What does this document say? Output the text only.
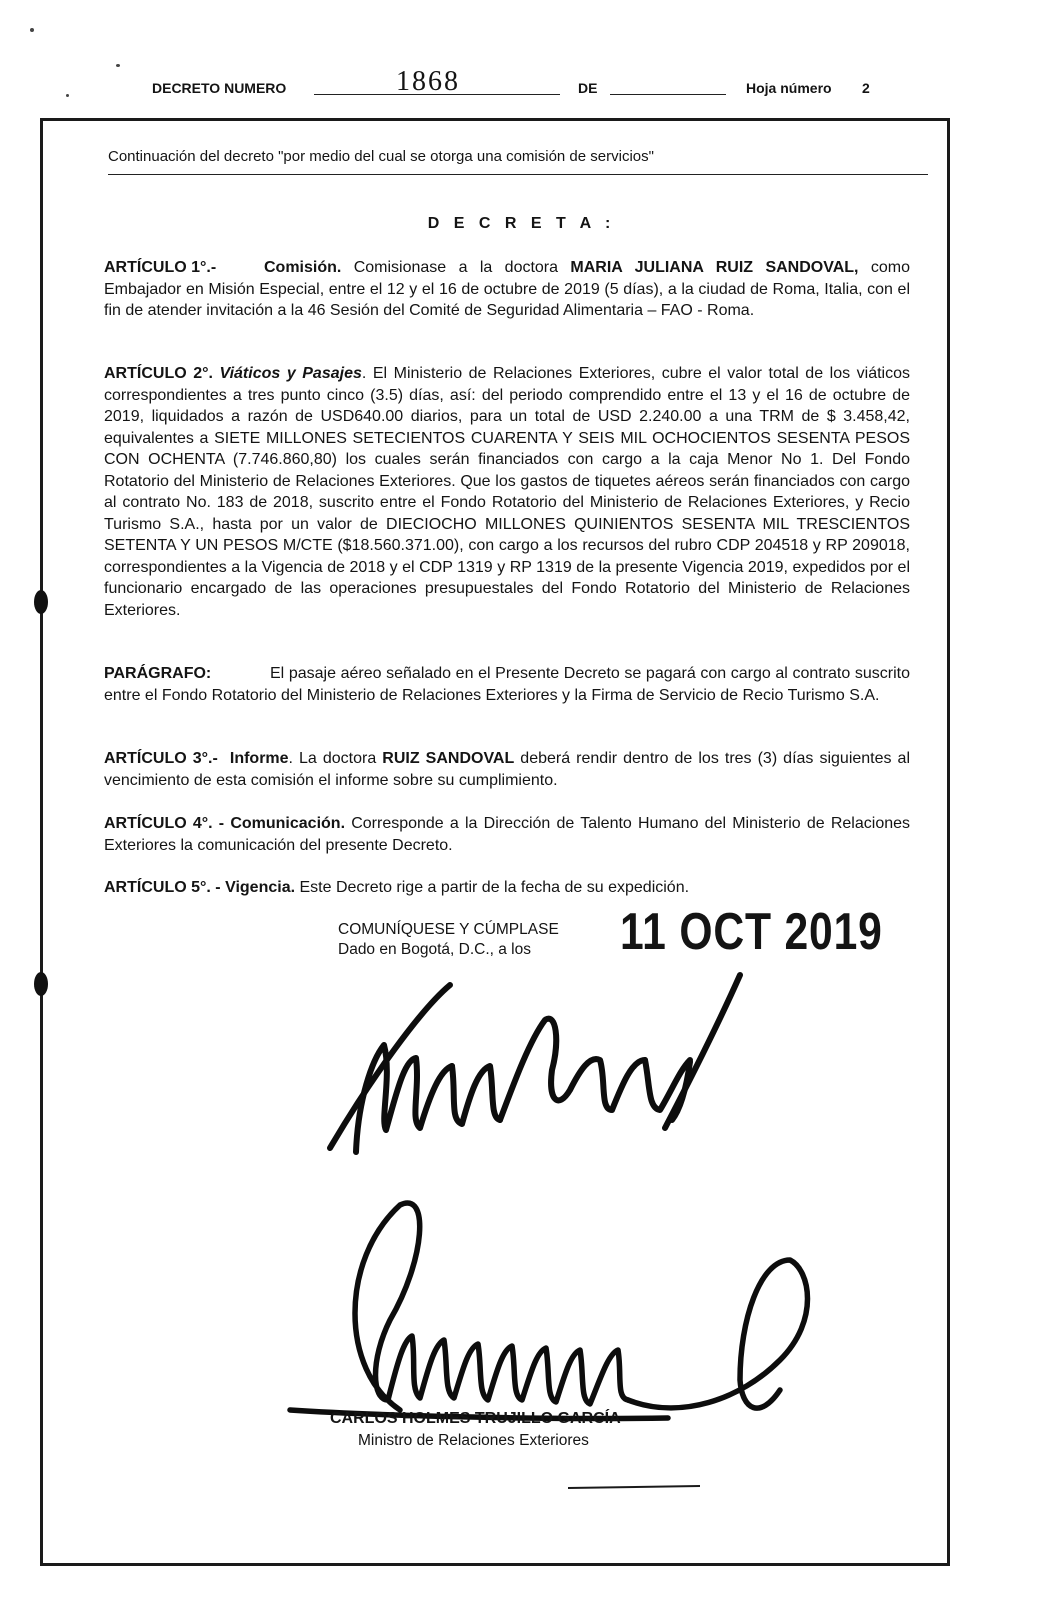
DECRETO NUMERO	1868	DE	Hoja número 2
Continuación del decreto "por medio del cual se otorga una comisión de servicios"
D E C R E T A :
ARTÍCULO 1°.-	Comisión. Comisionase a la doctora MARIA JULIANA RUIZ SANDOVAL, como Embajador en Misión Especial, entre el 12 y el 16 de octubre de 2019 (5 días), a la ciudad de Roma, Italia, con el fin de atender invitación a la 46 Sesión del Comité de Seguridad Alimentaria – FAO - Roma.
ARTÍCULO 2°. Viáticos y Pasajes. El Ministerio de Relaciones Exteriores, cubre el valor total de los viáticos correspondientes a tres punto cinco (3.5) días, así: del periodo comprendido entre el 13 y el 16 de octubre de 2019, liquidados a razón de USD640.00 diarios, para un total de USD 2.240.00 a una TRM de $ 3.458,42, equivalentes a SIETE MILLONES SETECIENTOS CUARENTA Y SEIS MIL OCHOCIENTOS SESENTA PESOS CON OCHENTA (7.746.860,80) los cuales serán financiados con cargo a la caja Menor No 1. Del Fondo Rotatorio del Ministerio de Relaciones Exteriores. Que los gastos de tiquetes aéreos serán financiados con cargo al contrato No. 183 de 2018, suscrito entre el Fondo Rotatorio del Ministerio de Relaciones Exteriores, y Recio Turismo S.A., hasta por un valor de DIECIOCHO MILLONES QUINIENTOS SESENTA MIL TRESCIENTOS SETENTA Y UN PESOS M/CTE ($18.560.371.00), con cargo a los recursos del rubro CDP 204518 y RP 209018, correspondientes a la Vigencia de 2018 y el CDP 1319 y RP 1319 de la presente Vigencia 2019, expedidos por el funcionario encargado de las operaciones presupuestales del Fondo Rotatorio del Ministerio de Relaciones Exteriores.
PARÁGRAFO:	El pasaje aéreo señalado en el Presente Decreto se pagará con cargo al contrato suscrito entre el Fondo Rotatorio del Ministerio de Relaciones Exteriores y la Firma de Servicio de Recio Turismo S.A.
ARTÍCULO 3°.- Informe. La doctora RUIZ SANDOVAL deberá rendir dentro de los tres (3) días siguientes al vencimiento de esta comisión el informe sobre su cumplimiento.
ARTÍCULO 4°. - Comunicación. Corresponde a la Dirección de Talento Humano del Ministerio de Relaciones Exteriores la comunicación del presente Decreto.
ARTÍCULO 5°. - Vigencia. Este Decreto rige a partir de la fecha de su expedición.
COMUNÍQUESE Y CÚMPLASE
Dado en Bogotá, D.C., a los	11 OCT 2019
CARLOS HOLMES TRUJILLO GARCÍA
Ministro de Relaciones Exteriores
